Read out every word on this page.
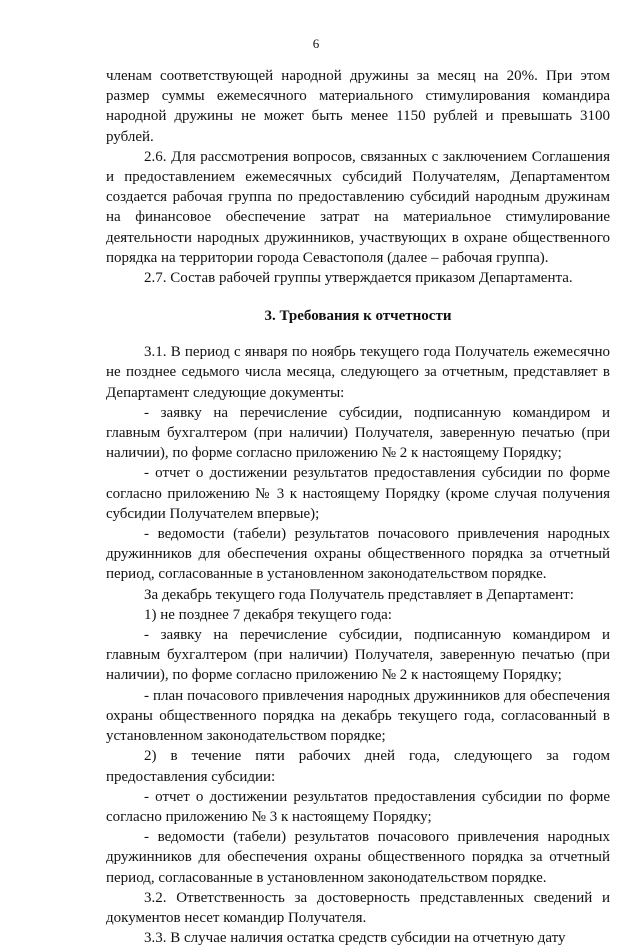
6

членам соответствующей народной дружины за месяц на 20%. При этом размер суммы ежемесячного материального стимулирования командира народной дружины не может быть менее 1150 рублей и превышать 3100 рублей.

2.6. Для рассмотрения вопросов, связанных с заключением Соглашения и предоставлением ежемесячных субсидий Получателям, Департаментом создается рабочая группа по предоставлению субсидий народным дружинам на финансовое обеспечение затрат на материальное стимулирование деятельности народных дружинников, участвующих в охране общественного порядка на территории города Севастополя (далее – рабочая группа).

2.7. Состав рабочей группы утверждается приказом Департамента.

3. Требования к отчетности

3.1. В период с января по ноябрь текущего года Получатель ежемесячно не позднее седьмого числа месяца, следующего за отчетным, представляет в Департамент следующие документы:

- заявку на перечисление субсидии, подписанную командиром и главным бухгалтером (при наличии) Получателя, заверенную печатью (при наличии), по форме согласно приложению № 2 к настоящему Порядку;

- отчет о достижении результатов предоставления субсидии по форме согласно приложению № 3 к настоящему Порядку (кроме случая получения субсидии Получателем впервые);

- ведомости (табели) результатов почасового привлечения народных дружинников для обеспечения охраны общественного порядка за отчетный период, согласованные в установленном законодательством порядке.

За декабрь текущего года Получатель представляет в Департамент:

1) не позднее 7 декабря текущего года:

- заявку на перечисление субсидии, подписанную командиром и главным бухгалтером (при наличии) Получателя, заверенную печатью (при наличии), по форме согласно приложению № 2 к настоящему Порядку;

- план почасового привлечения народных дружинников для обеспечения охраны общественного порядка на декабрь текущего года, согласованный в установленном законодательством порядке;

2) в течение пяти рабочих дней года, следующего за годом предоставления субсидии:

- отчет о достижении результатов предоставления субсидии по форме согласно приложению № 3 к настоящему Порядку;

- ведомости (табели) результатов почасового привлечения народных дружинников для обеспечения охраны общественного порядка за отчетный период, согласованные в установленном законодательством порядке.

3.2. Ответственность за достоверность представленных сведений и документов несет командир Получателя.

3.3. В случае наличия остатка средств субсидии на отчетную дату
